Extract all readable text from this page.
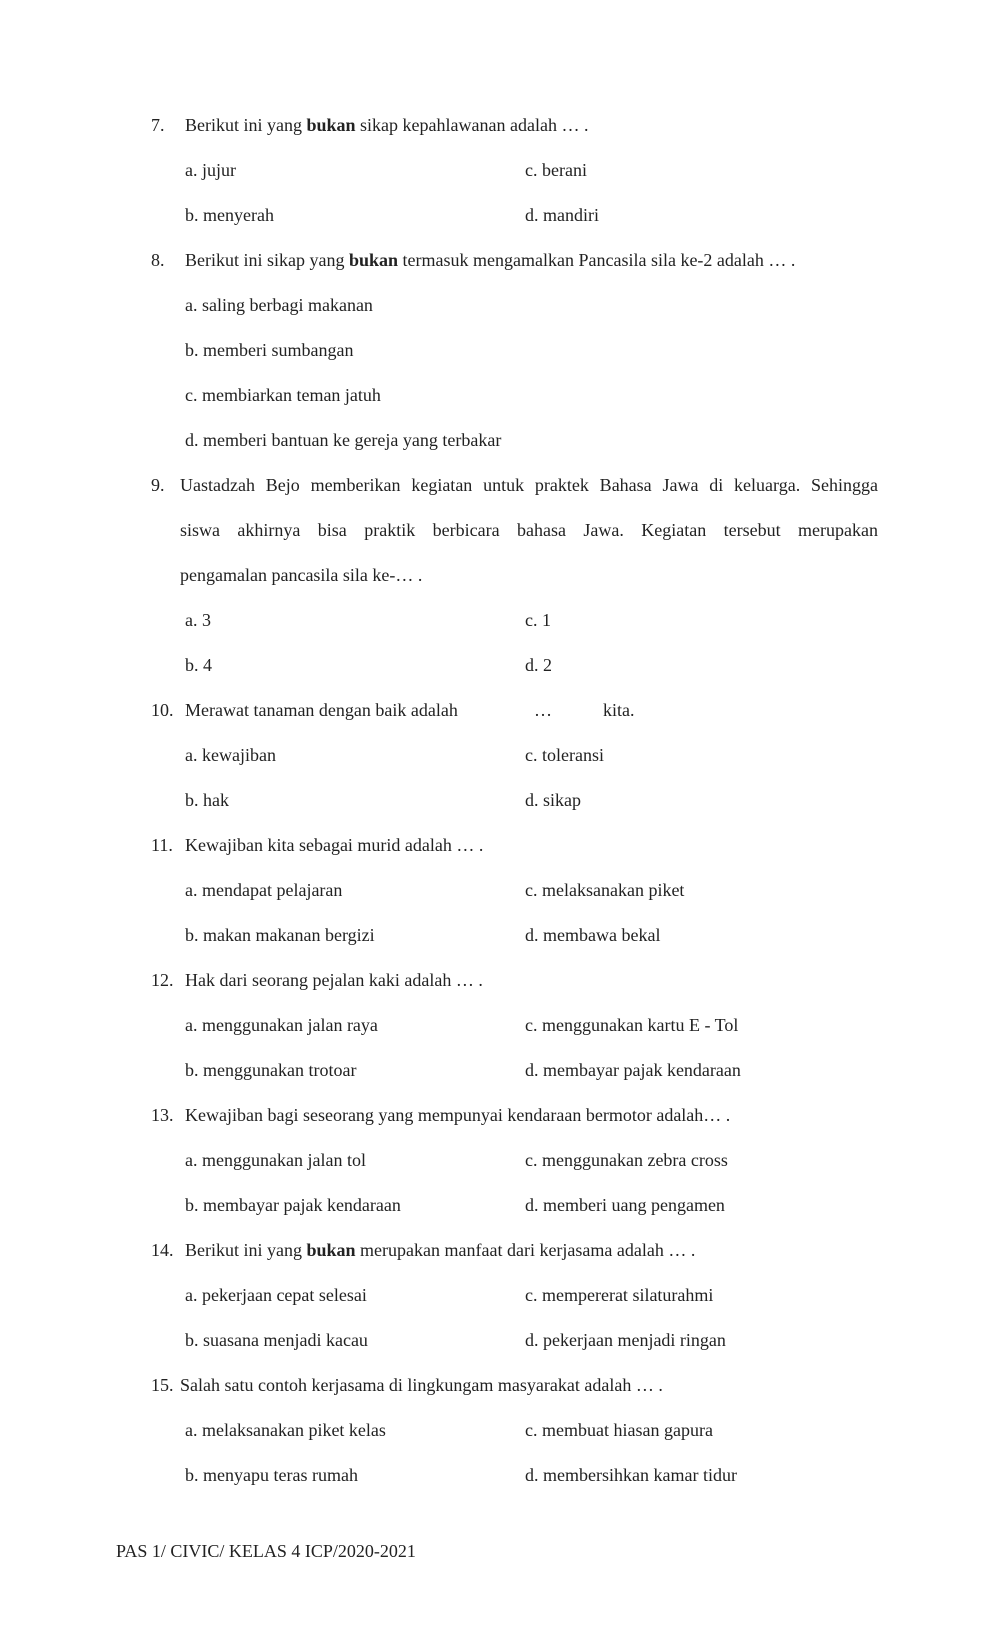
7. Berikut ini yang bukan sikap kepahlawanan adalah … .
a. jujur	c. berani
b. menyerah	d. mandiri
8. Berikut ini sikap yang bukan termasuk mengamalkan Pancasila sila ke-2 adalah … .
a. saling berbagi makanan
b. memberi sumbangan
c. membiarkan teman jatuh
d. memberi bantuan ke gereja yang terbakar
9. Uastadzah Bejo memberikan kegiatan untuk praktek Bahasa Jawa di keluarga. Sehingga
siswa akhirnya bisa praktik berbicara bahasa Jawa. Kegiatan tersebut merupakan
pengamalan pancasila sila ke-… .
a. 3	c. 1
b. 4	d. 2
10. Merawat tanaman dengan baik adalah	…	kita.
a. kewajiban	c. toleransi
b. hak	d. sikap
11. Kewajiban kita sebagai murid adalah … .
a. mendapat pelajaran	c. melaksanakan piket
b. makan makanan bergizi	d. membawa bekal
12. Hak dari seorang pejalan kaki adalah … .
a. menggunakan jalan raya	c. menggunakan kartu E - Tol
b. menggunakan trotoar	d. membayar pajak kendaraan
13. Kewajiban bagi seseorang yang mempunyai kendaraan bermotor adalah… .
a. menggunakan jalan tol	c. menggunakan zebra cross
b. membayar pajak kendaraan	d. memberi uang pengamen
14. Berikut ini yang bukan merupakan manfaat dari kerjasama adalah … .
a. pekerjaan cepat selesai	c. mempererat silaturahmi
b. suasana menjadi kacau	d. pekerjaan menjadi ringan
15. Salah satu contoh kerjasama di lingkungam masyarakat adalah … .
a. melaksanakan piket kelas	c. membuat hiasan gapura
b. menyapu teras rumah	d. membersihkan kamar tidur
PAS 1/ CIVIC/ KELAS 4 ICP/2020-2021
